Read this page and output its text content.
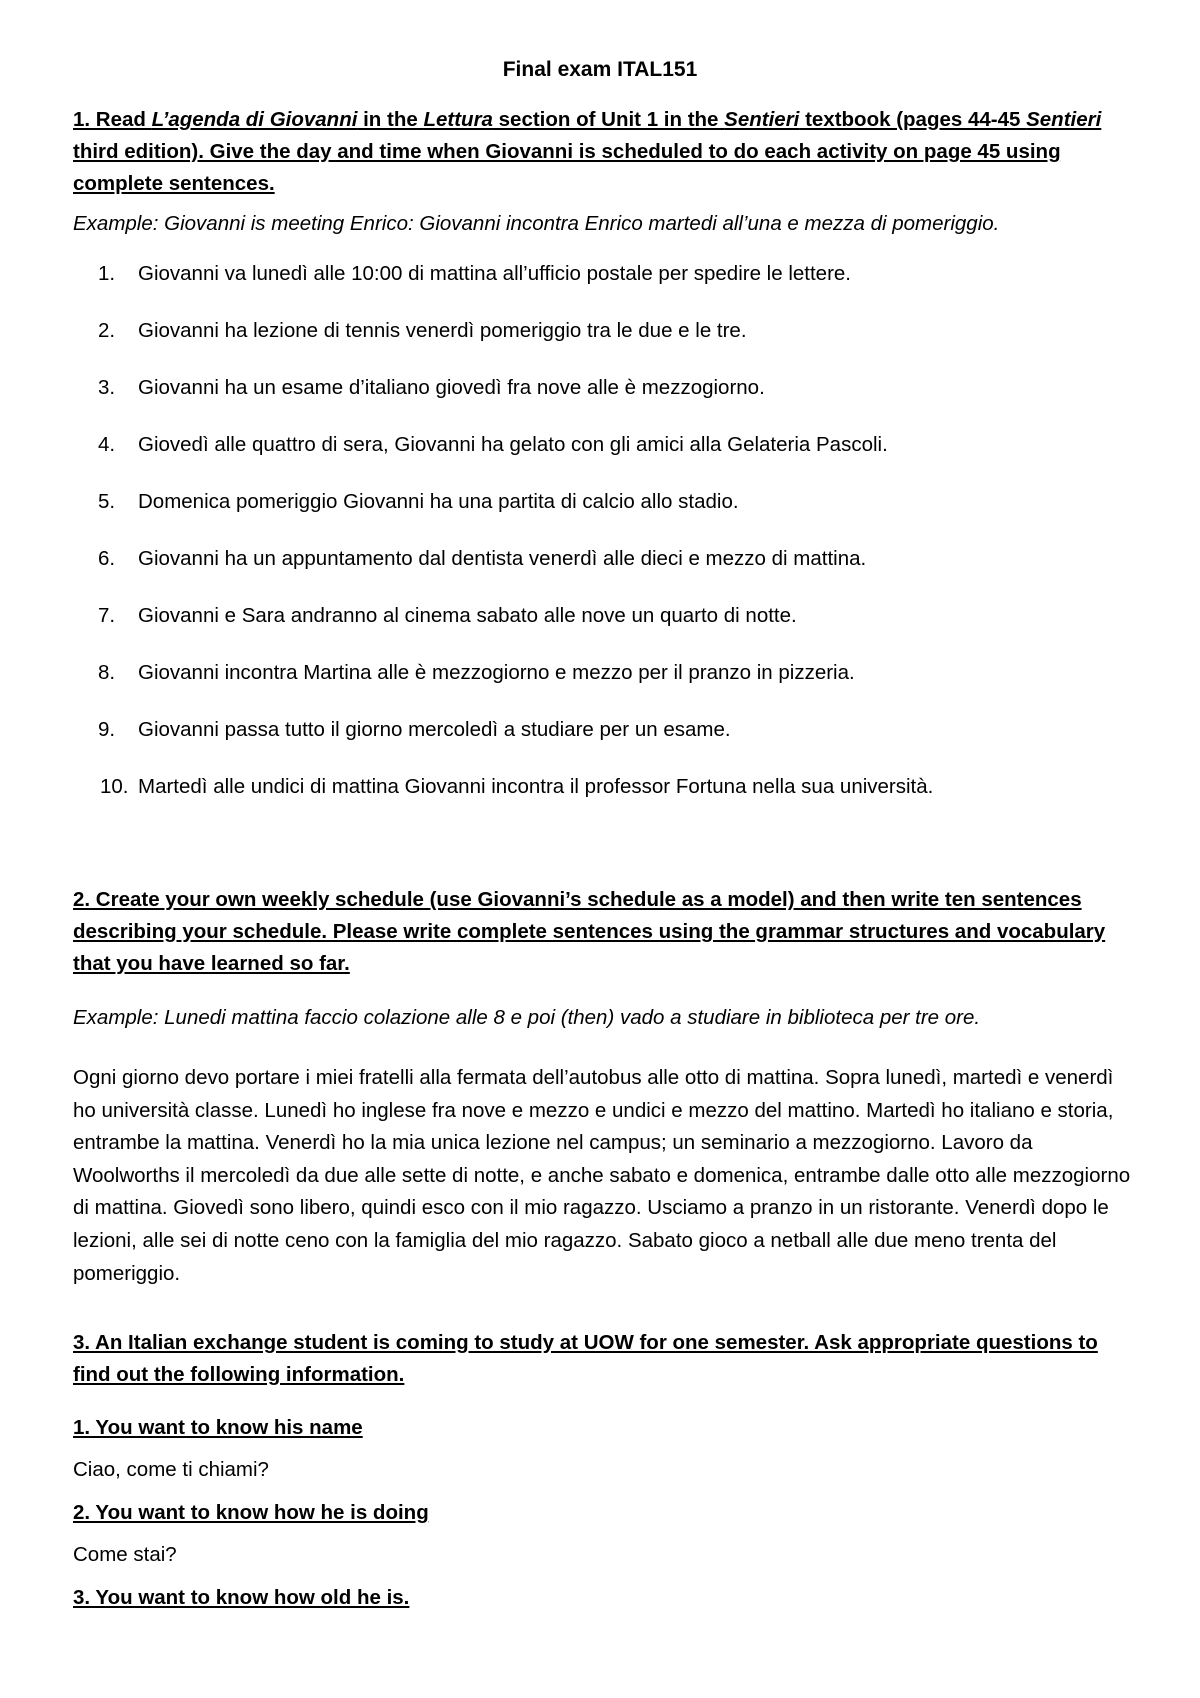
Final exam ITAL151
1. Read L’agenda di Giovanni in the Lettura section of Unit 1 in the Sentieri textbook (pages 44-45 Sentieri third edition). Give the day and time when Giovanni is scheduled to do each activity on page 45 using complete sentences.
Example: Giovanni is meeting Enrico: Giovanni incontra Enrico martedi all’una e mezza di pomeriggio.
1.	Giovanni va lunedì alle 10:00 di mattina all’ufficio postale per spedire le lettere.
2.	Giovanni ha lezione di tennis venerdì pomeriggio tra le due e le tre.
3.	Giovanni ha un esame d’italiano giovedì fra nove alle è mezzogiorno.
4.	Giovedì alle quattro di sera, Giovanni ha gelato con gli amici alla Gelateria Pascoli.
5.	Domenica pomeriggio Giovanni ha una partita di calcio allo stadio.
6.	Giovanni ha un appuntamento dal dentista venerdì alle dieci e mezzo di mattina.
7.	Giovanni e Sara andranno al cinema sabato alle nove un quarto di notte.
8.	Giovanni incontra Martina alle è mezzogiorno e mezzo per il pranzo in pizzeria.
9.	Giovanni passa tutto il giorno mercoledì a studiare per un esame.
10. Martedì alle undici di mattina Giovanni incontra il professor Fortuna nella sua università.
2. Create your own weekly schedule (use Giovanni’s schedule as a model) and then write ten sentences describing your schedule. Please write complete sentences using the grammar structures and vocabulary that you have learned so far.
Example: Lunedi mattina faccio colazione alle 8 e poi (then) vado a studiare in biblioteca per tre ore.
Ogni giorno devo portare i miei fratelli alla fermata dell’autobus alle otto di mattina. Sopra lunedì, martedì e venerdì ho università classe. Lunedì ho inglese fra nove e mezzo e undici e mezzo del mattino. Martedì ho italiano e storia, entrambe la mattina. Venerdì ho la mia unica lezione nel campus; un seminario a mezzogiorno. Lavoro da Woolworths il mercoledì da due alle sette di notte, e anche sabato e domenica, entrambe dalle otto alle mezzogiorno di mattina. Giovedì sono libero, quindi esco con il mio ragazzo. Usciamo a pranzo in un ristorante. Venerdì dopo le lezioni, alle sei di notte ceno con la famiglia del mio ragazzo. Sabato gioco a netball alle due meno trenta del pomeriggio.
3. An Italian exchange student is coming to study at UOW for one semester. Ask appropriate questions to find out the following information.
1. You want to know his name
Ciao, come ti chiami?
2. You want to know how he is doing
Come stai?
3. You want to know how old he is.
